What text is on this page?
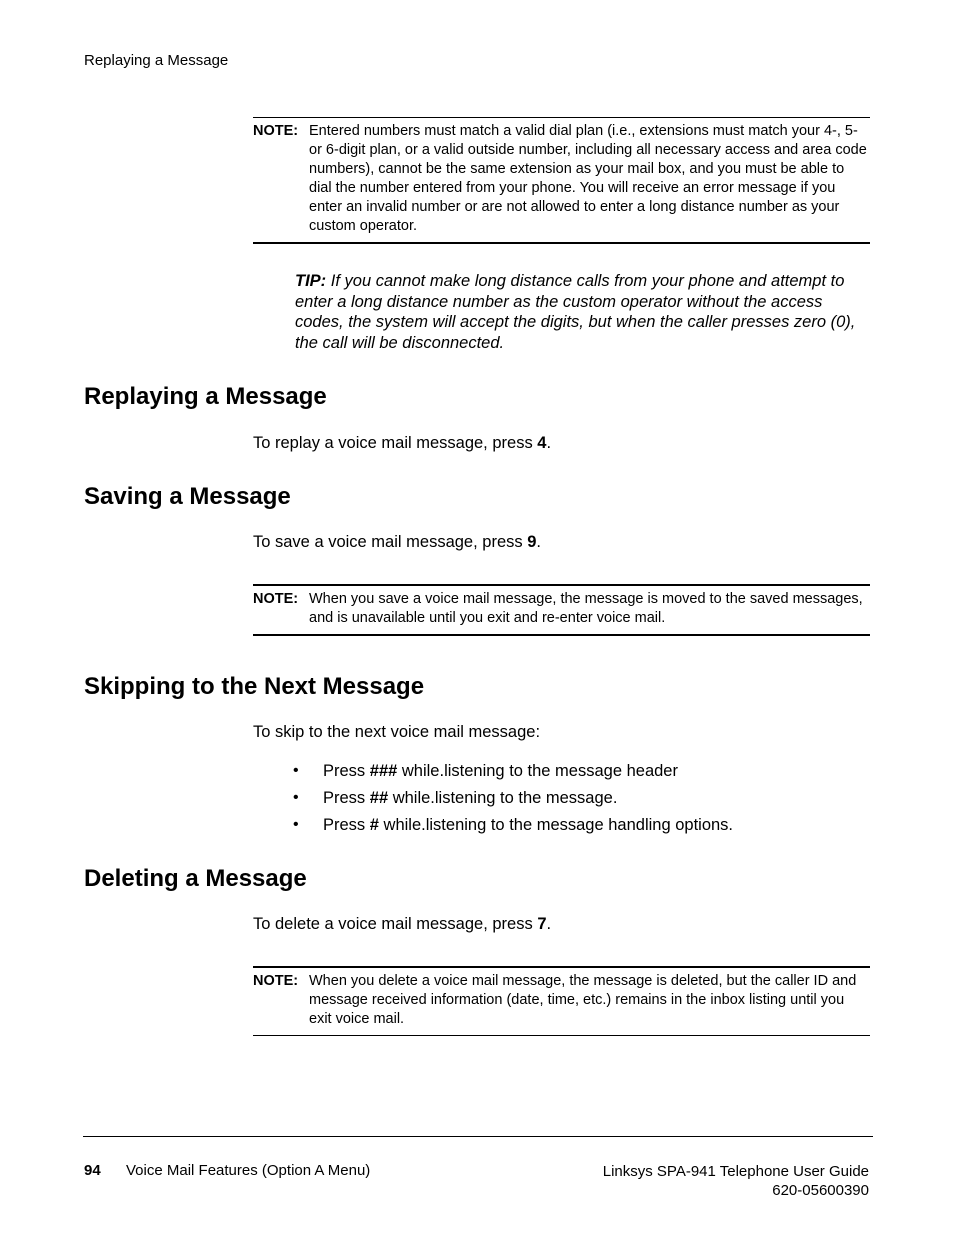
Replaying a Message
NOTE: Entered numbers must match a valid dial plan (i.e., extensions must match your 4-, 5- or 6-digit plan, or a valid outside number, including all necessary access and area code numbers), cannot be the same extension as your mail box, and you must be able to dial the number entered from your phone. You will receive an error message if you enter an invalid number or are not allowed to enter a long distance number as your custom operator.
TIP: If you cannot make long distance calls from your phone and attempt to enter a long distance number as the custom operator without the access codes, the system will accept the digits, but when the caller presses zero (0), the call will be disconnected.
Replaying a Message
To replay a voice mail message, press 4.
Saving a Message
To save a voice mail message, press 9.
NOTE: When you save a voice mail message, the message is moved to the saved messages, and is unavailable until you exit and re-enter voice mail.
Skipping to the Next Message
To skip to the next voice mail message:
•	Press ### while.listening to the message header
•	Press ## while.listening to the message.
•	Press # while.listening to the message handling options.
Deleting a Message
To delete a voice mail message, press 7.
NOTE: When you delete a voice mail message, the message is deleted, but the caller ID and message received information (date, time, etc.) remains in the inbox listing until you exit voice mail.
94 Voice Mail Features (Option A Menu)	Linksys SPA-941 Telephone User Guide
620-05600390
